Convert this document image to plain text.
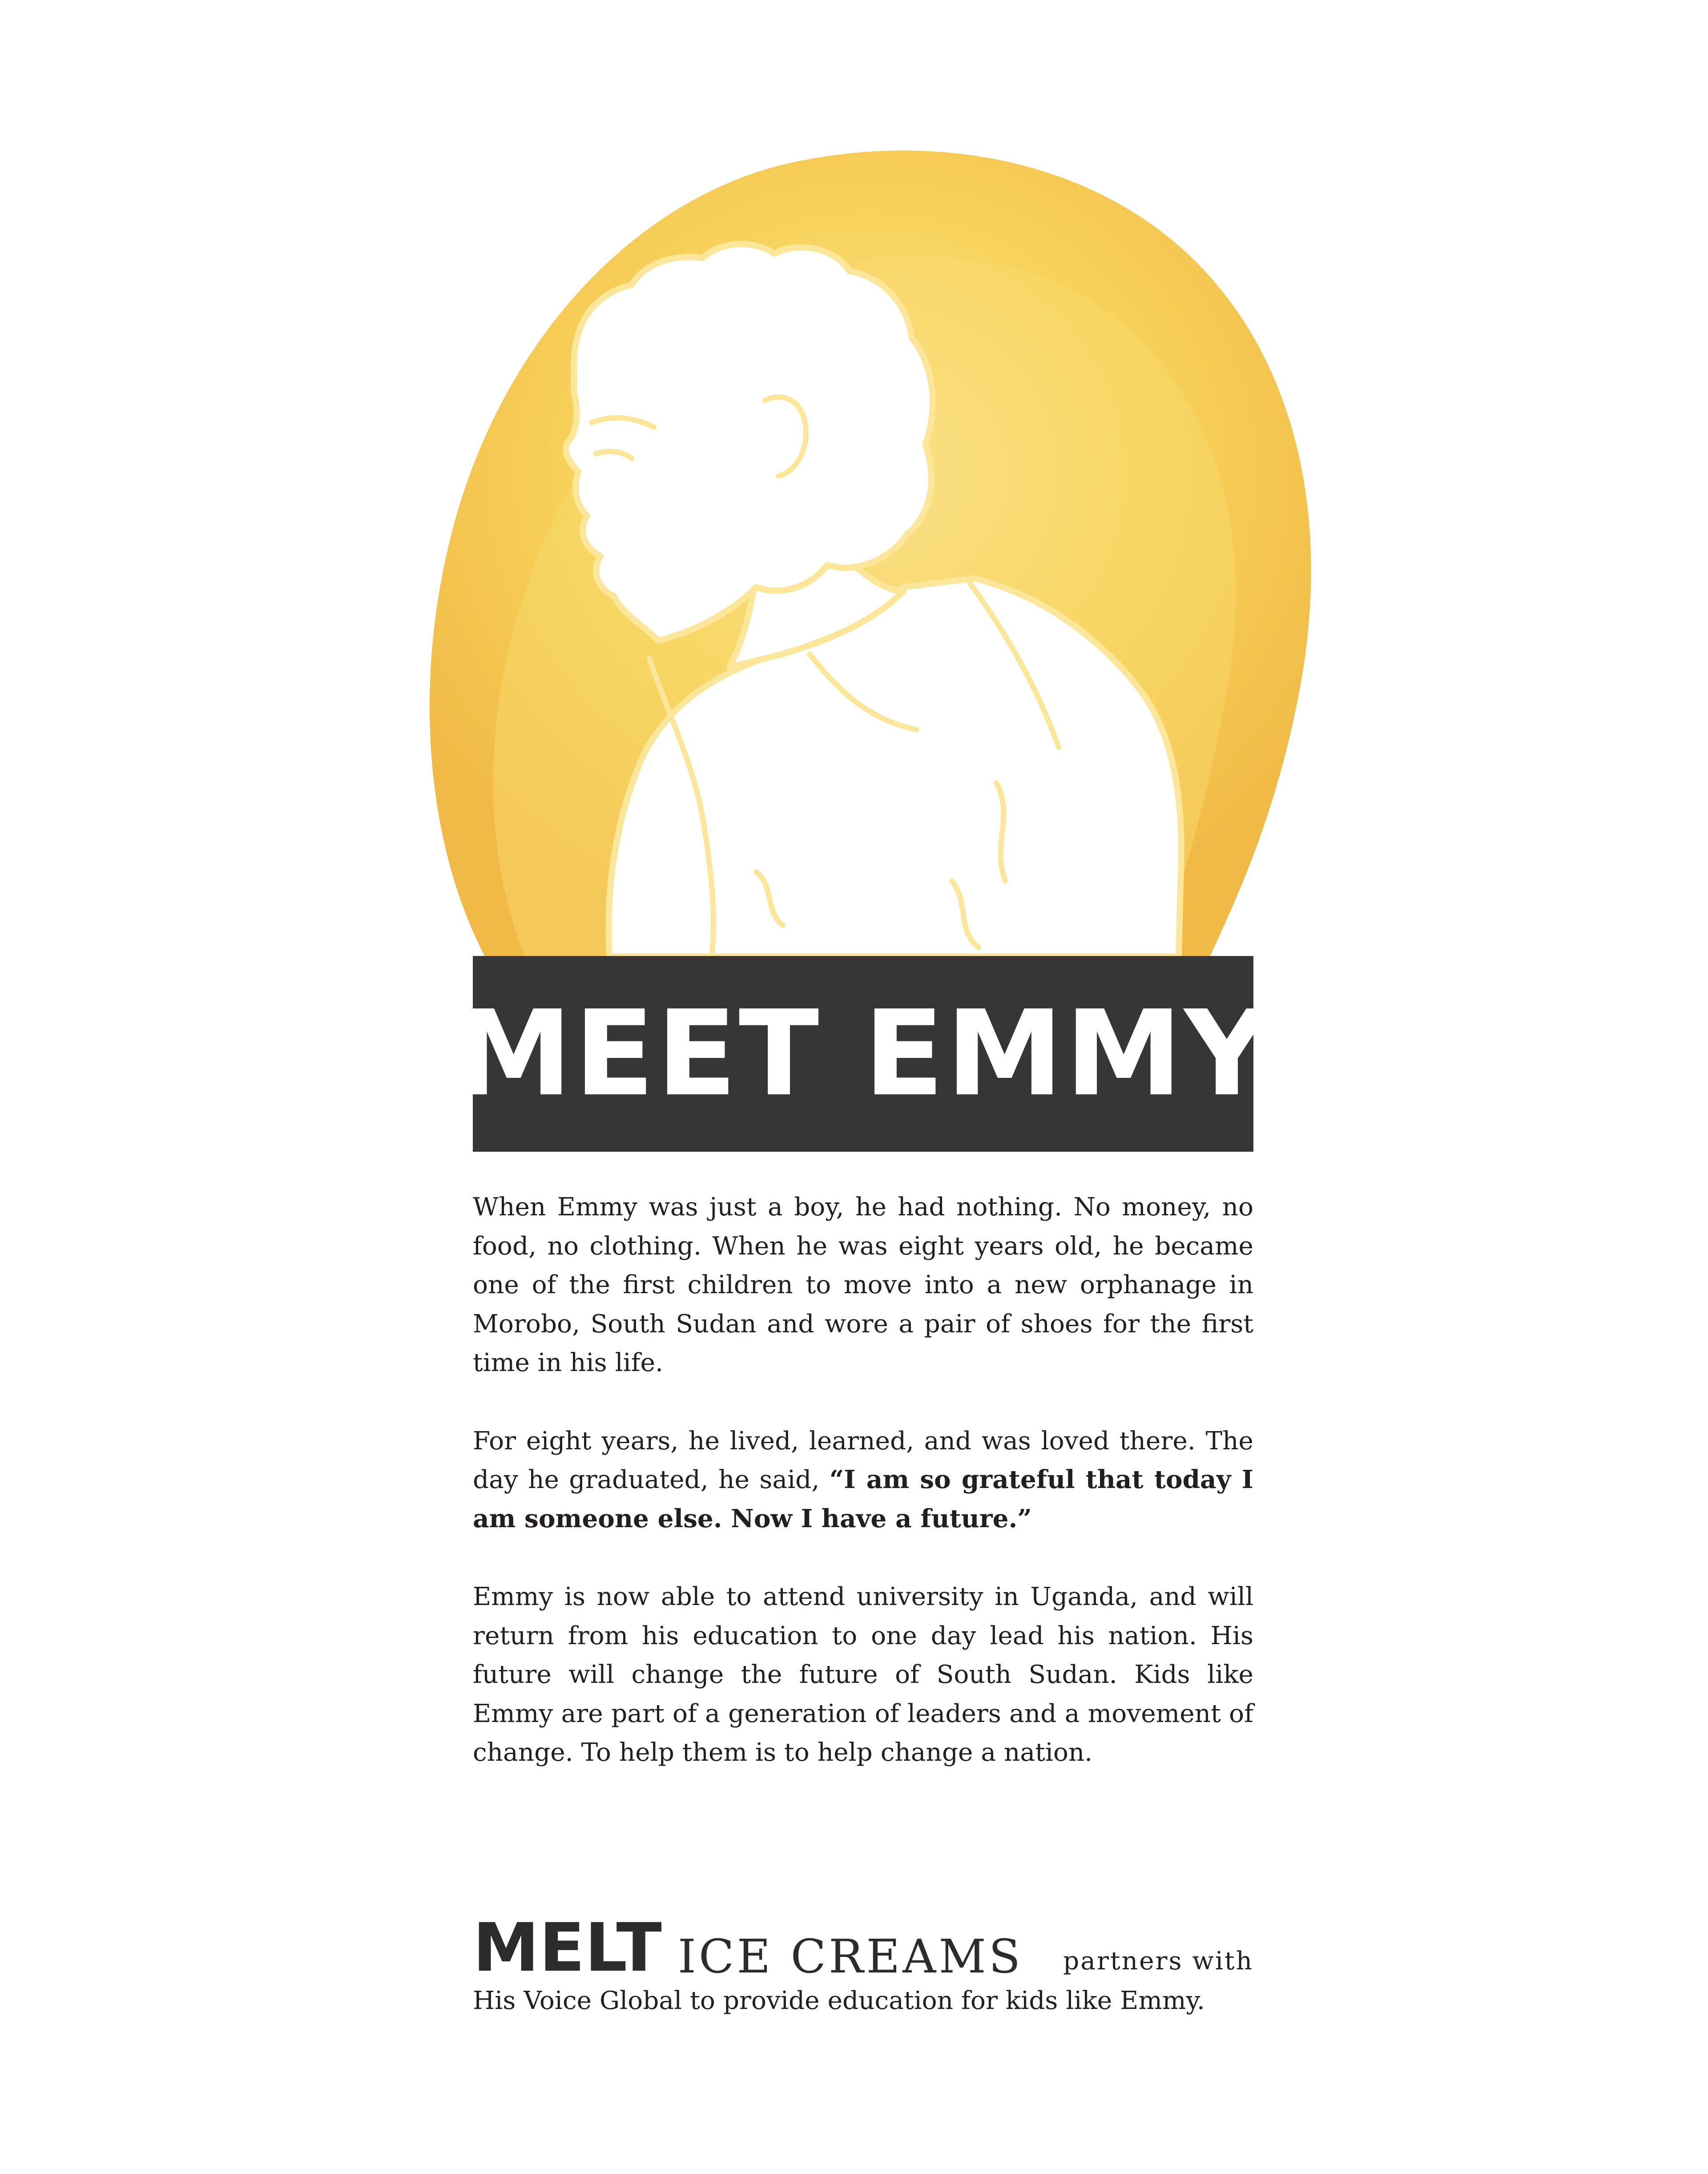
MEET EMMY

When Emmy was just a boy, he had nothing. No money, no food, no clothing. When he was eight years old, he became one of the first children to move into a new orphanage in Morobo, South Sudan and wore a pair of shoes for the first time in his life.

For eight years, he lived, learned, and was loved there. The day he graduated, he said, “I am so grateful that today I am someone else. Now I have a future.”

Emmy is now able to attend university in Uganda, and will return from his education to one day lead his nation. His future will change the future of South Sudan. Kids like Emmy are part of a generation of leaders and a movement of change. To help them is to help change a nation.

MELT ICE CREAMS partners with

His Voice Global to provide education for kids like Emmy.
